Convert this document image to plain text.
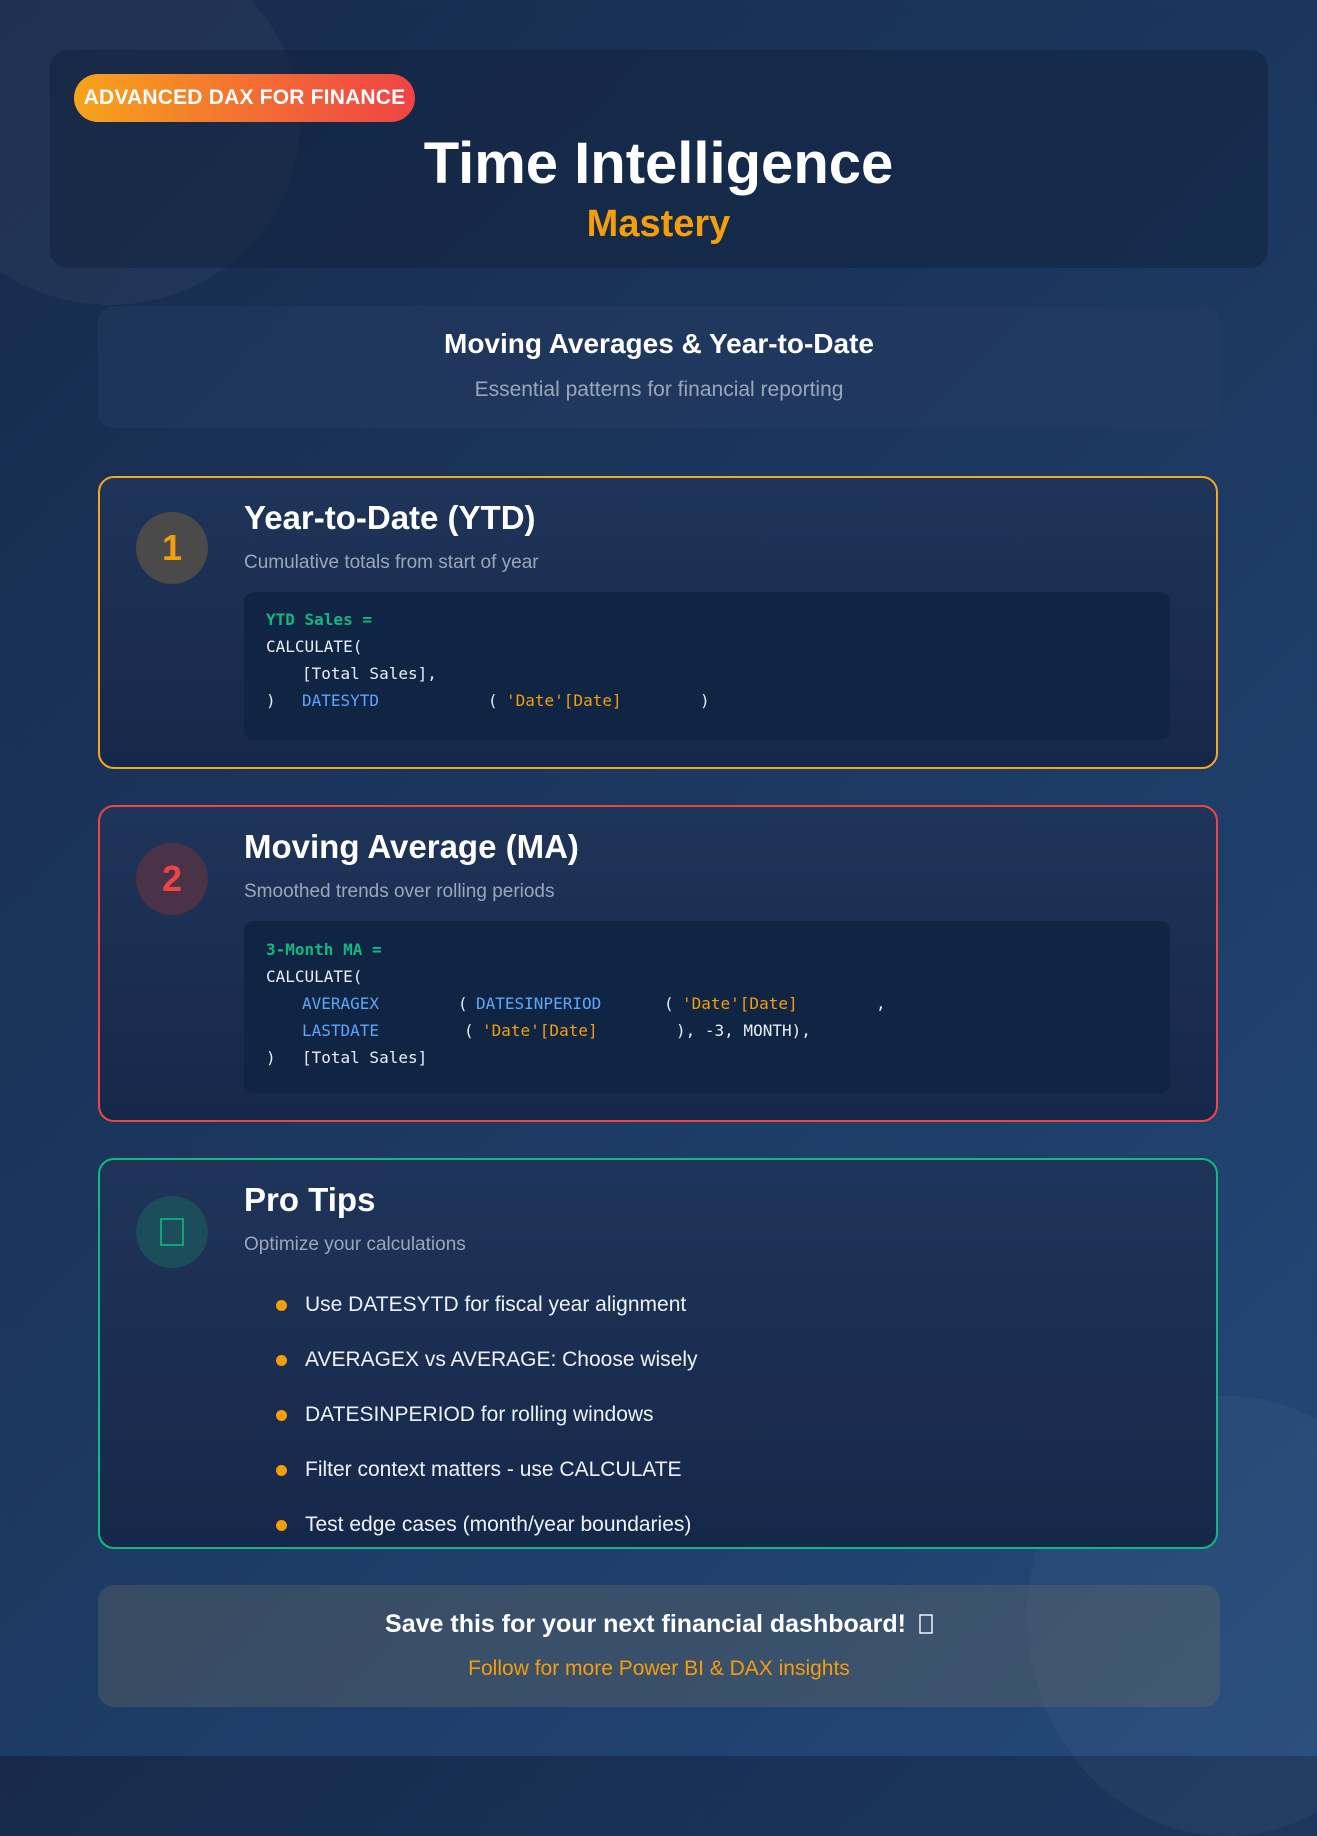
ADVANCED DAX FOR FINANCE
Time Intelligence
Mastery
Moving Averages & Year-to-Date
Essential patterns for financial reporting
1
Year-to-Date (YTD)
Cumulative totals from start of year
YTD Sales =
CALCULATE(
[Total Sales],
) DATESYTD	( 'Date'[Date]	)
2
Moving Average (MA)
Smoothed trends over rolling periods
3-Month MA =
CALCULATE(
AVERAGEX	( DATESINPERIOD	( 'Date'[Date]	,
LASTDATE	( 'Date'[Date]	), -3, MONTH),
) [Total Sales]
Pro Tips
Optimize your calculations
Use DATESYTD for fiscal year alignment
AVERAGEX vs AVERAGE: Choose wisely
DATESINPERIOD for rolling windows
Filter context matters - use CALCULATE
Test edge cases (month/year boundaries)
Save this for your next financial dashboard!
Follow for more Power BI & DAX insights
